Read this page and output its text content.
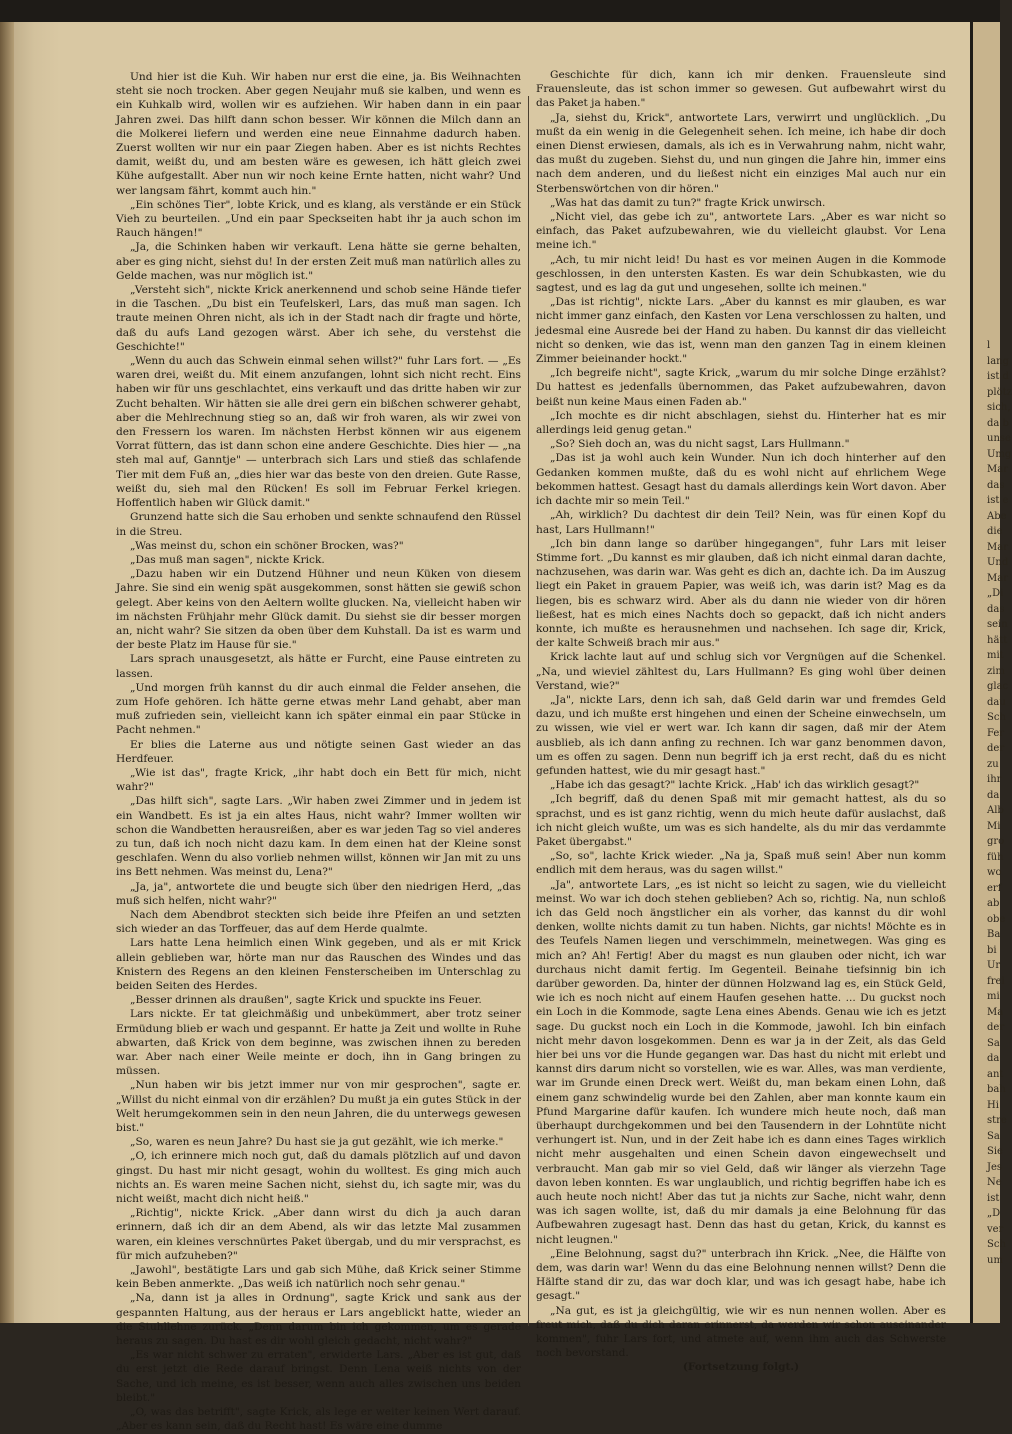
Und hier ist die Kuh. Wir haben nur erst die eine, ja. Bis Weihnachten steht sie noch trocken. Aber gegen Neujahr muß sie kalben, und wenn es ein Kuhkalb wird, wollen wir es aufziehen. Wir haben dann in ein paar Jahren zwei. Das hilft dann schon besser. Wir können die Milch dann an die Molkerei liefern und werden eine neue Einnahme dadurch haben. Zuerst wollten wir nur ein paar Ziegen haben. Aber es ist nichts Rechtes damit, weißt du, und am besten wäre es gewesen, ich hätt gleich zwei Kühe aufgestallt. Aber nun wir noch keine Ernte hatten, nicht wahr? Und wer langsam fährt, kommt auch hin."

„Ein schönes Tier", lobte Krick, und es klang, als verstände er ein Stück Vieh zu beurteilen. „Und ein paar Speckseiten habt ihr ja auch schon im Rauch hängen!"

„Ja, die Schinken haben wir verkauft. Lena hätte sie gerne behalten, aber es ging nicht, siehst du! In der ersten Zeit muß man natürlich alles zu Gelde machen, was nur möglich ist."

„Versteht sich", nickte Krick anerkennend und schob seine Hände tiefer in die Taschen. „Du bist ein Teufelskerl, Lars, das muß man sagen. Ich traute meinen Ohren nicht, als ich in der Stadt nach dir fragte und hörte, daß du aufs Land gezogen wärst. Aber ich sehe, du verstehst die Geschichte!"

„Wenn du auch das Schwein einmal sehen willst?" fuhr Lars fort. — „Es waren drei, weißt du. Mit einem anzufangen, lohnt sich nicht recht. Eins haben wir für uns geschlachtet, eins verkauft und das dritte haben wir zur Zucht behalten. Wir hätten sie alle drei gern ein bißchen schwerer gehabt, aber die Mehlrechnung stieg so an, daß wir froh waren, als wir zwei von den Fressern los waren. Im nächsten Herbst können wir aus eigenem Vorrat füttern, das ist dann schon eine andere Geschichte. Dies hier — „na steh mal auf, Ganntje" — unterbrach sich Lars und stieß das schlafende Tier mit dem Fuß an, „dies hier war das beste von den dreien. Gute Rasse, weißt du, sieh mal den Rücken! Es soll im Februar Ferkel kriegen. Hoffentlich haben wir Glück damit."

Grunzend hatte sich die Sau erhoben und senkte schnaufend den Rüssel in die Streu.

„Was meinst du, schon ein schöner Brocken, was?"

„Das muß man sagen", nickte Krick.

„Dazu haben wir ein Dutzend Hühner und neun Küken von diesem Jahre. Sie sind ein wenig spät ausgekommen, sonst hätten sie gewiß schon gelegt. Aber keins von den Aeltern wollte glucken. Na, vielleicht haben wir im nächsten Frühjahr mehr Glück damit. Du siehst sie dir besser morgen an, nicht wahr? Sie sitzen da oben über dem Kuhstall. Da ist es warm und der beste Platz im Hause für sie."

Lars sprach unausgesetzt, als hätte er Furcht, eine Pause eintreten zu lassen.

„Und morgen früh kannst du dir auch einmal die Felder ansehen, die zum Hofe gehören. Ich hätte gerne etwas mehr Land gehabt, aber man muß zufrieden sein, vielleicht kann ich später einmal ein paar Stücke in Pacht nehmen."

Er blies die Laterne aus und nötigte seinen Gast wieder an das Herdfeuer.

„Wie ist das", fragte Krick, „ihr habt doch ein Bett für mich, nicht wahr?"

„Das hilft sich", sagte Lars. „Wir haben zwei Zimmer und in jedem ist ein Wandbett. Es ist ja ein altes Haus, nicht wahr? Immer wollten wir schon die Wandbetten herausreißen, aber es war jeden Tag so viel anderes zu tun, daß ich noch nicht dazu kam. In dem einen hat der Kleine sonst geschlafen. Wenn du also vorlieb nehmen willst, können wir Jan mit zu uns ins Bett nehmen. Was meinst du, Lena?"

„Ja, ja", antwortete die und beugte sich über den niedrigen Herd, „das muß sich helfen, nicht wahr?"

Nach dem Abendbrot steckten sich beide ihre Pfeifen an und setzten sich wieder an das Torffeuer, das auf dem Herde qualmte.

Lars hatte Lena heimlich einen Wink gegeben, und als er mit Krick allein geblieben war, hörte man nur das Rauschen des Windes und das Knistern des Regens an den kleinen Fensterscheiben im Unterschlag zu beiden Seiten des Herdes.

„Besser drinnen als draußen", sagte Krick und spuckte ins Feuer.

Lars nickte. Er tat gleichmäßig und unbekümmert, aber trotz seiner Ermüdung blieb er wach und gespannt. Er hatte ja Zeit und wollte in Ruhe abwarten, daß Krick von dem beginne, was zwischen ihnen zu bereden war. Aber nach einer Weile meinte er doch, ihn in Gang bringen zu müssen.

„Nun haben wir bis jetzt immer nur von mir gesprochen", sagte er. „Willst du nicht einmal von dir erzählen? Du mußt ja ein gutes Stück in der Welt herumgekommen sein in den neun Jahren, die du unterwegs gewesen bist."

„So, waren es neun Jahre? Du hast sie ja gut gezählt, wie ich merke."

„O, ich erinnere mich noch gut, daß du damals plötzlich auf und davon gingst. Du hast mir nicht gesagt, wohin du wolltest. Es ging mich auch nichts an. Es waren meine Sachen nicht, siehst du, ich sagte mir, was du nicht weißt, macht dich nicht heiß."

„Richtig", nickte Krick. „Aber dann wirst du dich ja auch daran erinnern, daß ich dir an dem Abend, als wir das letzte Mal zusammen waren, ein kleines verschnürtes Paket übergab, und du mir versprachst, es für mich aufzuheben?"

„Jawohl", bestätigte Lars und gab sich Mühe, daß Krick seiner Stimme kein Beben anmerkte. „Das weiß ich natürlich noch sehr genau."

„Na, dann ist ja alles in Ordnung", sagte Krick und sank aus der gespannten Haltung, aus der heraus er Lars angeblickt hatte, wieder an die Stuhllehne zurück. „Denn darum bin ich gekommen, um es gerade heraus zu sagen. Du hast es dir wohl gleich gedacht, nicht wahr?"

„Es war nicht schwer zu erraten", erwiderte Lars. „Aber es ist gut, daß du erst jetzt die Rede darauf bringst. Denn Lena weiß nichts von der Sache, und ich meine, es ist besser, wenn auch alles zwischen uns beiden bleibt."

„O, was das betrifft", sagte Krick, als lege er weiter keinen Wert darauf. „Aber es kann sein, daß du Recht hast! Es wäre eine dumme

Geschichte für dich, kann ich mir denken. Frauensleute sind Frauensleute, das ist schon immer so gewesen. Gut aufbewahrt wirst du das Paket ja haben."

„Ja, siehst du, Krick", antwortete Lars, verwirrt und unglücklich. „Du mußt da ein wenig in die Gelegenheit sehen. Ich meine, ich habe dir doch einen Dienst erwiesen, damals, als ich es in Verwahrung nahm, nicht wahr, das mußt du zugeben. Siehst du, und nun gingen die Jahre hin, immer eins nach dem anderen, und du ließest nicht ein einziges Mal auch nur ein Sterbenswörtchen von dir hören."

„Was hat das damit zu tun?" fragte Krick unwirsch.

„Nicht viel, das gebe ich zu", antwortete Lars. „Aber es war nicht so einfach, das Paket aufzubewahren, wie du vielleicht glaubst. Vor Lena meine ich."

„Ach, tu mir nicht leid! Du hast es vor meinen Augen in die Kommode geschlossen, in den untersten Kasten. Es war dein Schubkasten, wie du sagtest, und es lag da gut und ungesehen, sollte ich meinen."

„Das ist richtig", nickte Lars. „Aber du kannst es mir glauben, es war nicht immer ganz einfach, den Kasten vor Lena verschlossen zu halten, und jedesmal eine Ausrede bei der Hand zu haben. Du kannst dir das vielleicht nicht so denken, wie das ist, wenn man den ganzen Tag in einem kleinen Zimmer beieinander hockt."

„Ich begreife nicht", sagte Krick, „warum du mir solche Dinge erzählst? Du hattest es jedenfalls übernommen, das Paket aufzubewahren, davon beißt nun keine Maus einen Faden ab."

„Ich mochte es dir nicht abschlagen, siehst du. Hinterher hat es mir allerdings leid genug getan."

„So? Sieh doch an, was du nicht sagst, Lars Hullmann."

„Das ist ja wohl auch kein Wunder. Nun ich doch hinterher auf den Gedanken kommen mußte, daß du es wohl nicht auf ehrlichem Wege bekommen hattest. Gesagt hast du damals allerdings kein Wort davon. Aber ich dachte mir so mein Teil."

„Ah, wirklich? Du dachtest dir dein Teil? Nein, was für einen Kopf du hast, Lars Hullmann!"

„Ich bin dann lange so darüber hingegangen", fuhr Lars mit leiser Stimme fort. „Du kannst es mir glauben, daß ich nicht einmal daran dachte, nachzusehen, was darin war. Was geht es dich an, dachte ich. Da im Auszug liegt ein Paket in grauem Papier, was weiß ich, was darin ist? Mag es da liegen, bis es schwarz wird. Aber als du dann nie wieder von dir hören ließest, hat es mich eines Nachts doch so gepackt, daß ich nicht anders konnte, ich mußte es herausnehmen und nachsehen. Ich sage dir, Krick, der kalte Schweiß brach mir aus."

Krick lachte laut auf und schlug sich vor Vergnügen auf die Schenkel. „Na, und wieviel zähltest du, Lars Hullmann? Es ging wohl über deinen Verstand, wie?"

„Ja", nickte Lars, denn ich sah, daß Geld darin war und fremdes Geld dazu, und ich mußte erst hingehen und einen der Scheine einwechseln, um zu wissen, wie viel er wert war. Ich kann dir sagen, daß mir der Atem ausblieb, als ich dann anfing zu rechnen. Ich war ganz benommen davon, um es offen zu sagen. Denn nun begriff ich ja erst recht, daß du es nicht gefunden hattest, wie du mir gesagt hast."

„Habe ich das gesagt?" lachte Krick. „Hab' ich das wirklich gesagt?"

„Ich begriff, daß du denen Spaß mit mir gemacht hattest, als du so sprachst, und es ist ganz richtig, wenn du mich heute dafür auslachst, daß ich nicht gleich wußte, um was es sich handelte, als du mir das verdammte Paket übergabst."

„So, so", lachte Krick wieder. „Na ja, Spaß muß sein! Aber nun komm endlich mit dem heraus, was du sagen willst."

„Ja", antwortete Lars, „es ist nicht so leicht zu sagen, wie du vielleicht meinst. Wo war ich doch stehen geblieben? Ach so, richtig. Na, nun schloß ich das Geld noch ängstlicher ein als vorher, das kannst du dir wohl denken, wollte nichts damit zu tun haben. Nichts, gar nichts! Möchte es in des Teufels Namen liegen und verschimmeln, meinetwegen. Was ging es mich an? Ah! Fertig! Aber du magst es nun glauben oder nicht, ich war durchaus nicht damit fertig. Im Gegenteil. Beinahe tiefsinnig bin ich darüber geworden. Da, hinter der dünnen Holzwand lag es, ein Stück Geld, wie ich es noch nicht auf einem Haufen gesehen hatte. ... Du guckst noch ein Loch in die Kommode, sagte Lena eines Abends. Genau wie ich es jetzt sage. Du guckst noch ein Loch in die Kommode, jawohl. Ich bin einfach nicht mehr davon losgekommen. Denn es war ja in der Zeit, als das Geld hier bei uns vor die Hunde gegangen war. Das hast du nicht mit erlebt und kannst dirs darum nicht so vorstellen, wie es war. Alles, was man verdiente, war im Grunde einen Dreck wert. Weißt du, man bekam einen Lohn, daß einem ganz schwindelig wurde bei den Zahlen, aber man konnte kaum ein Pfund Margarine dafür kaufen. Ich wundere mich heute noch, daß man überhaupt durchgekommen und bei den Tausendern in der Lohntüte nicht verhungert ist. Nun, und in der Zeit habe ich es dann eines Tages wirklich nicht mehr ausgehalten und einen Schein davon eingewechselt und verbraucht. Man gab mir so viel Geld, daß wir länger als vierzehn Tage davon leben konnten. Es war unglaublich, und richtig begriffen habe ich es auch heute noch nicht! Aber das tut ja nichts zur Sache, nicht wahr, denn was ich sagen wollte, ist, daß du mir damals ja eine Belohnung für das Aufbewahren zugesagt hast. Denn das hast du getan, Krick, du kannst es nicht leugnen."

„Eine Belohnung, sagst du?" unterbrach ihn Krick. „Nee, die Hälfte von dem, was darin war! Wenn du das eine Belohnung nennen willst? Denn die Hälfte stand dir zu, das war doch klar, und was ich gesagt habe, habe ich gesagt."

„Na gut, es ist ja gleichgültig, wie wir es nun nennen wollen. Aber es freut mich, daß du dich daran erinnerst, da werden wir schon auseinander kommen", fuhr Lars fort, und atmete auf, wenn ihm auch das Schwerste noch bevorstand.

(Fortsetzung folgt.)

l
lang
ist d
plötz
sich,
da b
unse
Umg
Mar
das
ist e
Abe
die
Mar
Und
Mar
„Di
das
sein
hätt
mit
zim
glac
dau
Sch
Fer
der
zu
ihr
da
Alb
Mi
gro
füh
wo
erf
ab
obe
Ba
bi
Ur
frei
mi
Ma
der
Sa
da
ant
bah
Hi
stre
Sa
Sie
Jes
Ne
ist
„D
ver
Sch
um
